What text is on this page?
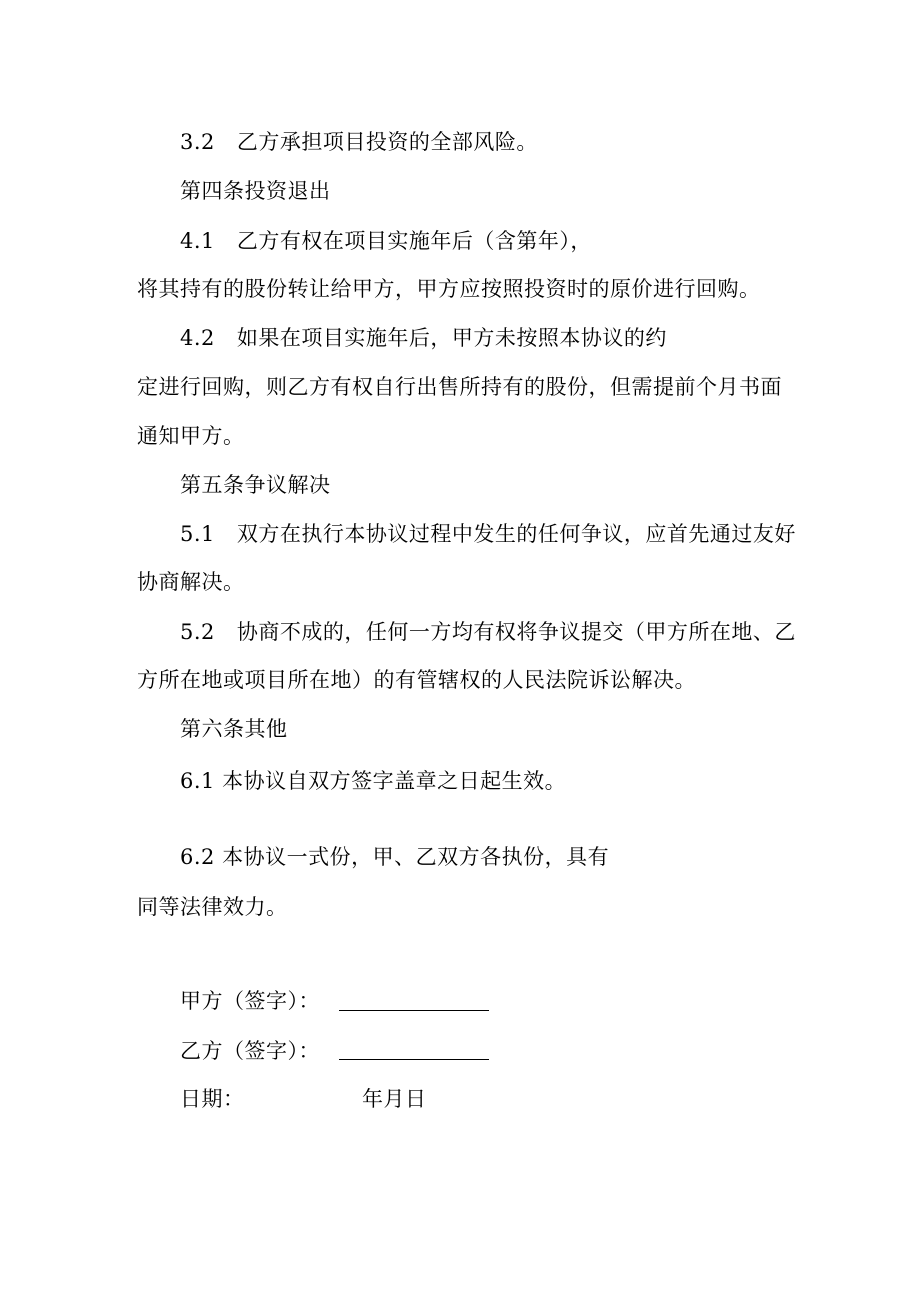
3.2 乙方承担项目投资的全部风险。
第四条投资退出
4.1 乙方有权在项目实施年后（含第年），
将其持有的股份转让给甲方，甲方应按照投资时的原价进行回购。
4.2 如果在项目实施年后，甲方未按照本协议的约
定进行回购，则乙方有权自行出售所持有的股份，但需提前个月书面
通知甲方。
第五条争议解决
5.1 双方在执行本协议过程中发生的任何争议，应首先通过友好
协商解决。
5.2 协商不成的，任何一方均有权将争议提交（甲方所在地、乙
方所在地或项目所在地）的有管辖权的人民法院诉讼解决。
第六条其他
6.1 本协议自双方签字盖章之日起生效。
6.2 本协议一式份，甲、乙双方各执份，具有
同等法律效力。
甲方（签字）：
乙方（签字）：
日期：	年月日
